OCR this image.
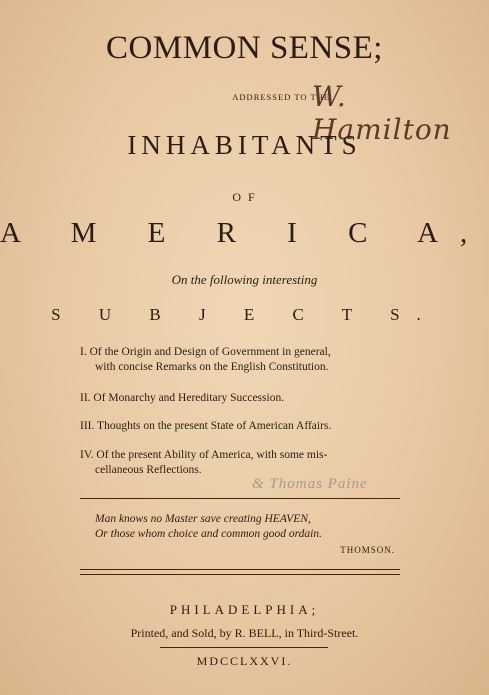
COMMON SENSE;
ADDRESSED TO THE
W. Hamilton
INHABITANTS
O F
A M E R I C A,
On the following interesting
S U B J E C T S.
I. Of the Origin and Design of Government in general,
with concise Remarks on the English Constitution.
II. Of Monarchy and Hereditary Succession.
III. Thoughts on the present State of American Affairs.
IV. Of the present Ability of America, with some mis-
cellaneous Reflections.
& Thomas Paine
Man knows no Master save creating HEAVEN,
Or those whom choice and common good ordain.
THOMSON.
PHILADELPHIA;
Printed, and Sold, by R. BELL, in Third-Street.
MDCCLXXVI.
